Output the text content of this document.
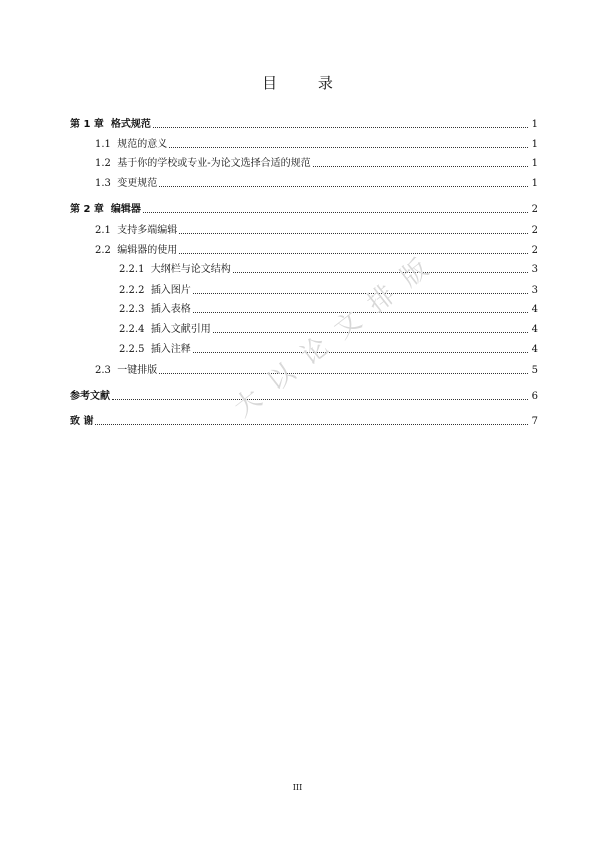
目 录
第 1 章 格式规范	1
1.1 规范的意义	1
1.2 基于你的学校或专业-为论文选择合适的规范	1
1.3 变更规范	1
第 2 章 编辑器	2
2.1 支持多端编辑	2
2.2 编辑器的使用	2
2.2.1 大纲栏与论文结构	3
2.2.2 插入图片	3
2.2.3 插入表格	4
2.2.4 插入文献引用	4
2.2.5 插入注释	4
2.3 一键排版	5
参考文献	6
致 谢	7
大 以 论 文 排 版
III
